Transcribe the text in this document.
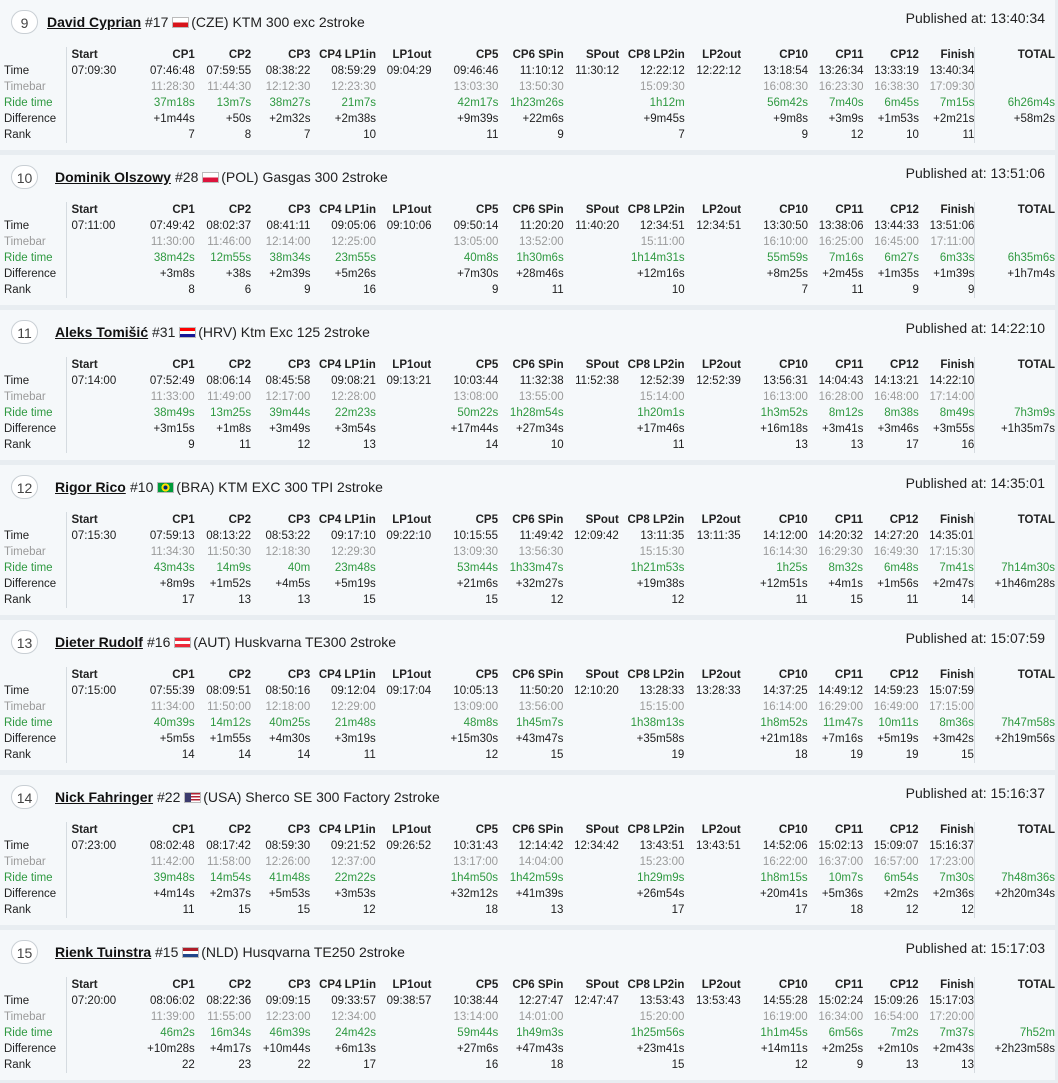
9	David Cyprian #17 (CZE) KTM 300 exc 2stroke	Published at: 13:40:34
	Start	CP1	CP2	CP3	CP4 LP1in	LP1out	CP5	CP6 SPin	SPout	CP8 LP2in	LP2out	CP10	CP11	CP12	Finish	TOTAL
Time	07:09:30	07:46:48	07:59:55	08:38:22	08:59:29	09:04:29	09:46:46	11:10:12	11:30:12	12:22:12	12:22:12	13:18:54	13:26:34	13:33:19	13:40:34	
Timebar		11:28:30	11:44:30	12:12:30	12:23:30		13:03:30	13:50:30		15:09:30		16:08:30	16:23:30	16:38:30	17:09:30	
Ride time		37m18s	13m7s	38m27s	21m7s		42m17s	1h23m26s		1h12m		56m42s	7m40s	6m45s	7m15s	6h26m4s
Difference		+1m44s	+50s	+2m32s	+2m38s		+9m39s	+22m6s		+9m45s		+9m8s	+3m9s	+1m53s	+2m21s	+58m2s
Rank		7	8	7	10		11	9		7		9	12	10	11	
10	Dominik Olszowy #28 (POL) Gasgas 300 2stroke	Published at: 13:51:06
	Start	CP1	CP2	CP3	CP4 LP1in	LP1out	CP5	CP6 SPin	SPout	CP8 LP2in	LP2out	CP10	CP11	CP12	Finish	TOTAL
Time	07:11:00	07:49:42	08:02:37	08:41:11	09:05:06	09:10:06	09:50:14	11:20:20	11:40:20	12:34:51	12:34:51	13:30:50	13:38:06	13:44:33	13:51:06	
Timebar		11:30:00	11:46:00	12:14:00	12:25:00		13:05:00	13:52:00		15:11:00		16:10:00	16:25:00	16:45:00	17:11:00	
Ride time		38m42s	12m55s	38m34s	23m55s		40m8s	1h30m6s		1h14m31s		55m59s	7m16s	6m27s	6m33s	6h35m6s
Difference		+3m8s	+38s	+2m39s	+5m26s		+7m30s	+28m46s		+12m16s		+8m25s	+2m45s	+1m35s	+1m39s	+1h7m4s
Rank		8	6	9	16		9	11		10		7	11	9	9	
11	Aleks Tomišić #31 (HRV) Ktm Exc 125 2stroke	Published at: 14:22:10
	Start	CP1	CP2	CP3	CP4 LP1in	LP1out	CP5	CP6 SPin	SPout	CP8 LP2in	LP2out	CP10	CP11	CP12	Finish	TOTAL
Time	07:14:00	07:52:49	08:06:14	08:45:58	09:08:21	09:13:21	10:03:44	11:32:38	11:52:38	12:52:39	12:52:39	13:56:31	14:04:43	14:13:21	14:22:10	
Timebar		11:33:00	11:49:00	12:17:00	12:28:00		13:08:00	13:55:00		15:14:00		16:13:00	16:28:00	16:48:00	17:14:00	
Ride time		38m49s	13m25s	39m44s	22m23s		50m22s	1h28m54s		1h20m1s		1h3m52s	8m12s	8m38s	8m49s	7h3m9s
Difference		+3m15s	+1m8s	+3m49s	+3m54s		+17m44s	+27m34s		+17m46s		+16m18s	+3m41s	+3m46s	+3m55s	+1h35m7s
Rank		9	11	12	13		14	10		11		13	13	17	16	
12	Rigor Rico #10 (BRA) KTM EXC 300 TPI 2stroke	Published at: 14:35:01
	Start	CP1	CP2	CP3	CP4 LP1in	LP1out	CP5	CP6 SPin	SPout	CP8 LP2in	LP2out	CP10	CP11	CP12	Finish	TOTAL
Time	07:15:30	07:59:13	08:13:22	08:53:22	09:17:10	09:22:10	10:15:55	11:49:42	12:09:42	13:11:35	13:11:35	14:12:00	14:20:32	14:27:20	14:35:01	
Timebar		11:34:30	11:50:30	12:18:30	12:29:30		13:09:30	13:56:30		15:15:30		16:14:30	16:29:30	16:49:30	17:15:30	
Ride time		43m43s	14m9s	40m	23m48s		53m44s	1h33m47s		1h21m53s		1h25s	8m32s	6m48s	7m41s	7h14m30s
Difference		+8m9s	+1m52s	+4m5s	+5m19s		+21m6s	+32m27s		+19m38s		+12m51s	+4m1s	+1m56s	+2m47s	+1h46m28s
Rank		17	13	13	15		15	12		12		11	15	11	14	
13	Dieter Rudolf #16 (AUT) Huskvarna TE300 2stroke	Published at: 15:07:59
	Start	CP1	CP2	CP3	CP4 LP1in	LP1out	CP5	CP6 SPin	SPout	CP8 LP2in	LP2out	CP10	CP11	CP12	Finish	TOTAL
Time	07:15:00	07:55:39	08:09:51	08:50:16	09:12:04	09:17:04	10:05:13	11:50:20	12:10:20	13:28:33	13:28:33	14:37:25	14:49:12	14:59:23	15:07:59	
Timebar		11:34:00	11:50:00	12:18:00	12:29:00		13:09:00	13:56:00		15:15:00		16:14:00	16:29:00	16:49:00	17:15:00	
Ride time		40m39s	14m12s	40m25s	21m48s		48m8s	1h45m7s		1h38m13s		1h8m52s	11m47s	10m11s	8m36s	7h47m58s
Difference		+5m5s	+1m55s	+4m30s	+3m19s		+15m30s	+43m47s		+35m58s		+21m18s	+7m16s	+5m19s	+3m42s	+2h19m56s
Rank		14	14	14	11		12	15		19		18	19	19	15	
14	Nick Fahringer #22 (USA) Sherco SE 300 Factory 2stroke	Published at: 15:16:37
	Start	CP1	CP2	CP3	CP4 LP1in	LP1out	CP5	CP6 SPin	SPout	CP8 LP2in	LP2out	CP10	CP11	CP12	Finish	TOTAL
Time	07:23:00	08:02:48	08:17:42	08:59:30	09:21:52	09:26:52	10:31:43	12:14:42	12:34:42	13:43:51	13:43:51	14:52:06	15:02:13	15:09:07	15:16:37	
Timebar		11:42:00	11:58:00	12:26:00	12:37:00		13:17:00	14:04:00		15:23:00		16:22:00	16:37:00	16:57:00	17:23:00	
Ride time		39m48s	14m54s	41m48s	22m22s		1h4m50s	1h42m59s		1h29m9s		1h8m15s	10m7s	6m54s	7m30s	7h48m36s
Difference		+4m14s	+2m37s	+5m53s	+3m53s		+32m12s	+41m39s		+26m54s		+20m41s	+5m36s	+2m2s	+2m36s	+2h20m34s
Rank		11	15	15	12		18	13		17		17	18	12	12	
15	Rienk Tuinstra #15 (NLD) Husqvarna TE250 2stroke	Published at: 15:17:03
	Start	CP1	CP2	CP3	CP4 LP1in	LP1out	CP5	CP6 SPin	SPout	CP8 LP2in	LP2out	CP10	CP11	CP12	Finish	TOTAL
Time	07:20:00	08:06:02	08:22:36	09:09:15	09:33:57	09:38:57	10:38:44	12:27:47	12:47:47	13:53:43	13:53:43	14:55:28	15:02:24	15:09:26	15:17:03	
Timebar		11:39:00	11:55:00	12:23:00	12:34:00		13:14:00	14:01:00		15:20:00		16:19:00	16:34:00	16:54:00	17:20:00	
Ride time		46m2s	16m34s	46m39s	24m42s		59m44s	1h49m3s		1h25m56s		1h1m45s	6m56s	7m2s	7m37s	7h52m
Difference		+10m28s	+4m17s	+10m44s	+6m13s		+27m6s	+47m43s		+23m41s		+14m11s	+2m25s	+2m10s	+2m43s	+2h23m58s
Rank		22	23	22	17		16	18		15		12	9	13	13	
